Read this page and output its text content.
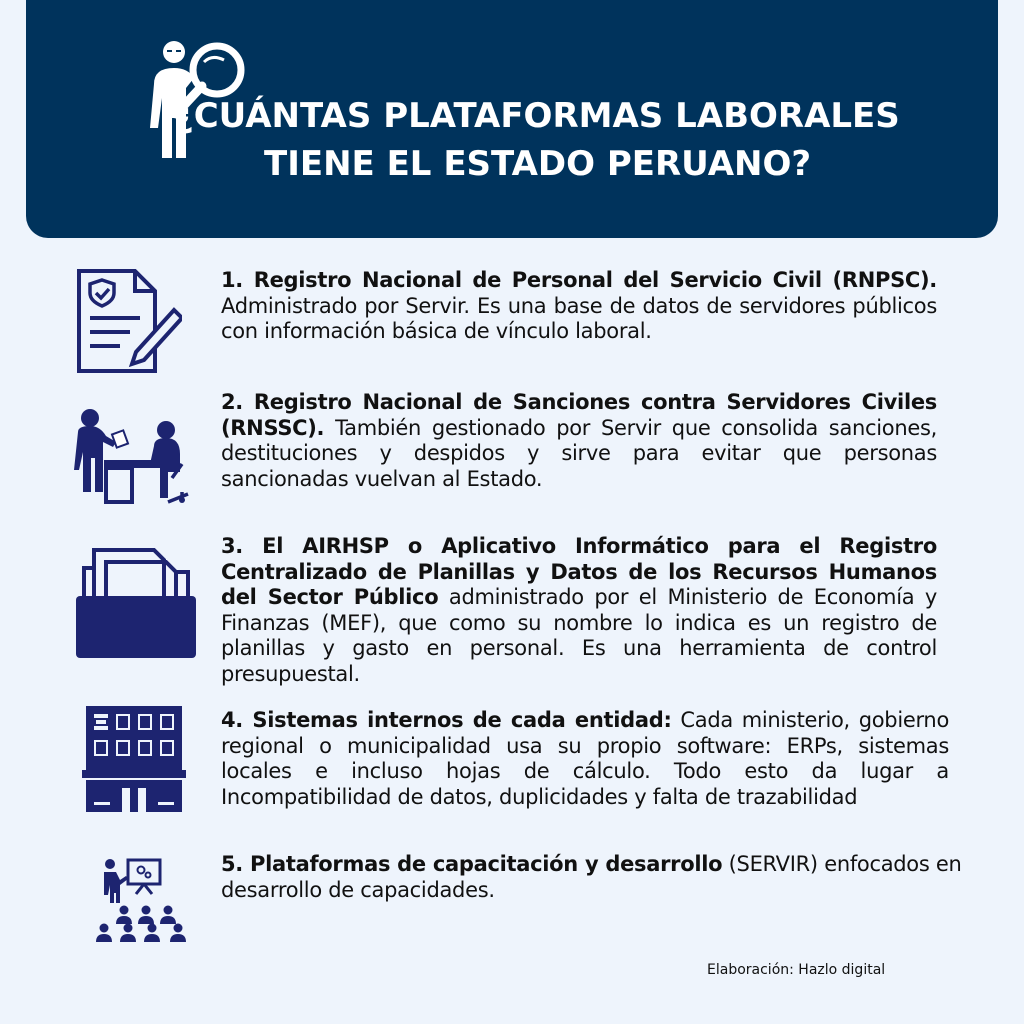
¿CUÁNTAS PLATAFORMAS LABORALES
TIENE EL ESTADO PERUANO?
1. Registro Nacional de Personal del Servicio Civil (RNPSC). Administrado por Servir. Es una base de datos de servidores públicos con información básica de vínculo laboral.
2. Registro Nacional de Sanciones contra Servidores Civiles (RNSSC). También gestionado por Servir que consolida sanciones, destituciones y despidos y sirve para evitar que personas sancionadas vuelvan al Estado.
3. El AIRHSP o Aplicativo Informático para el Registro Centralizado de Planillas y Datos de los Recursos Humanos del Sector Público administrado por el Ministerio de Economía y Finanzas (MEF), que como su nombre lo indica es un registro de planillas y gasto en personal. Es una herramienta de control presupuestal.
4. Sistemas internos de cada entidad: Cada ministerio, gobierno regional o municipalidad usa su propio software: ERPs, sistemas locales e incluso hojas de cálculo. Todo esto da lugar a Incompatibilidad de datos, duplicidades y falta de trazabilidad
5. Plataformas de capacitación y desarrollo (SERVIR) enfocados en desarrollo de capacidades.
Elaboración: Hazlo digital
